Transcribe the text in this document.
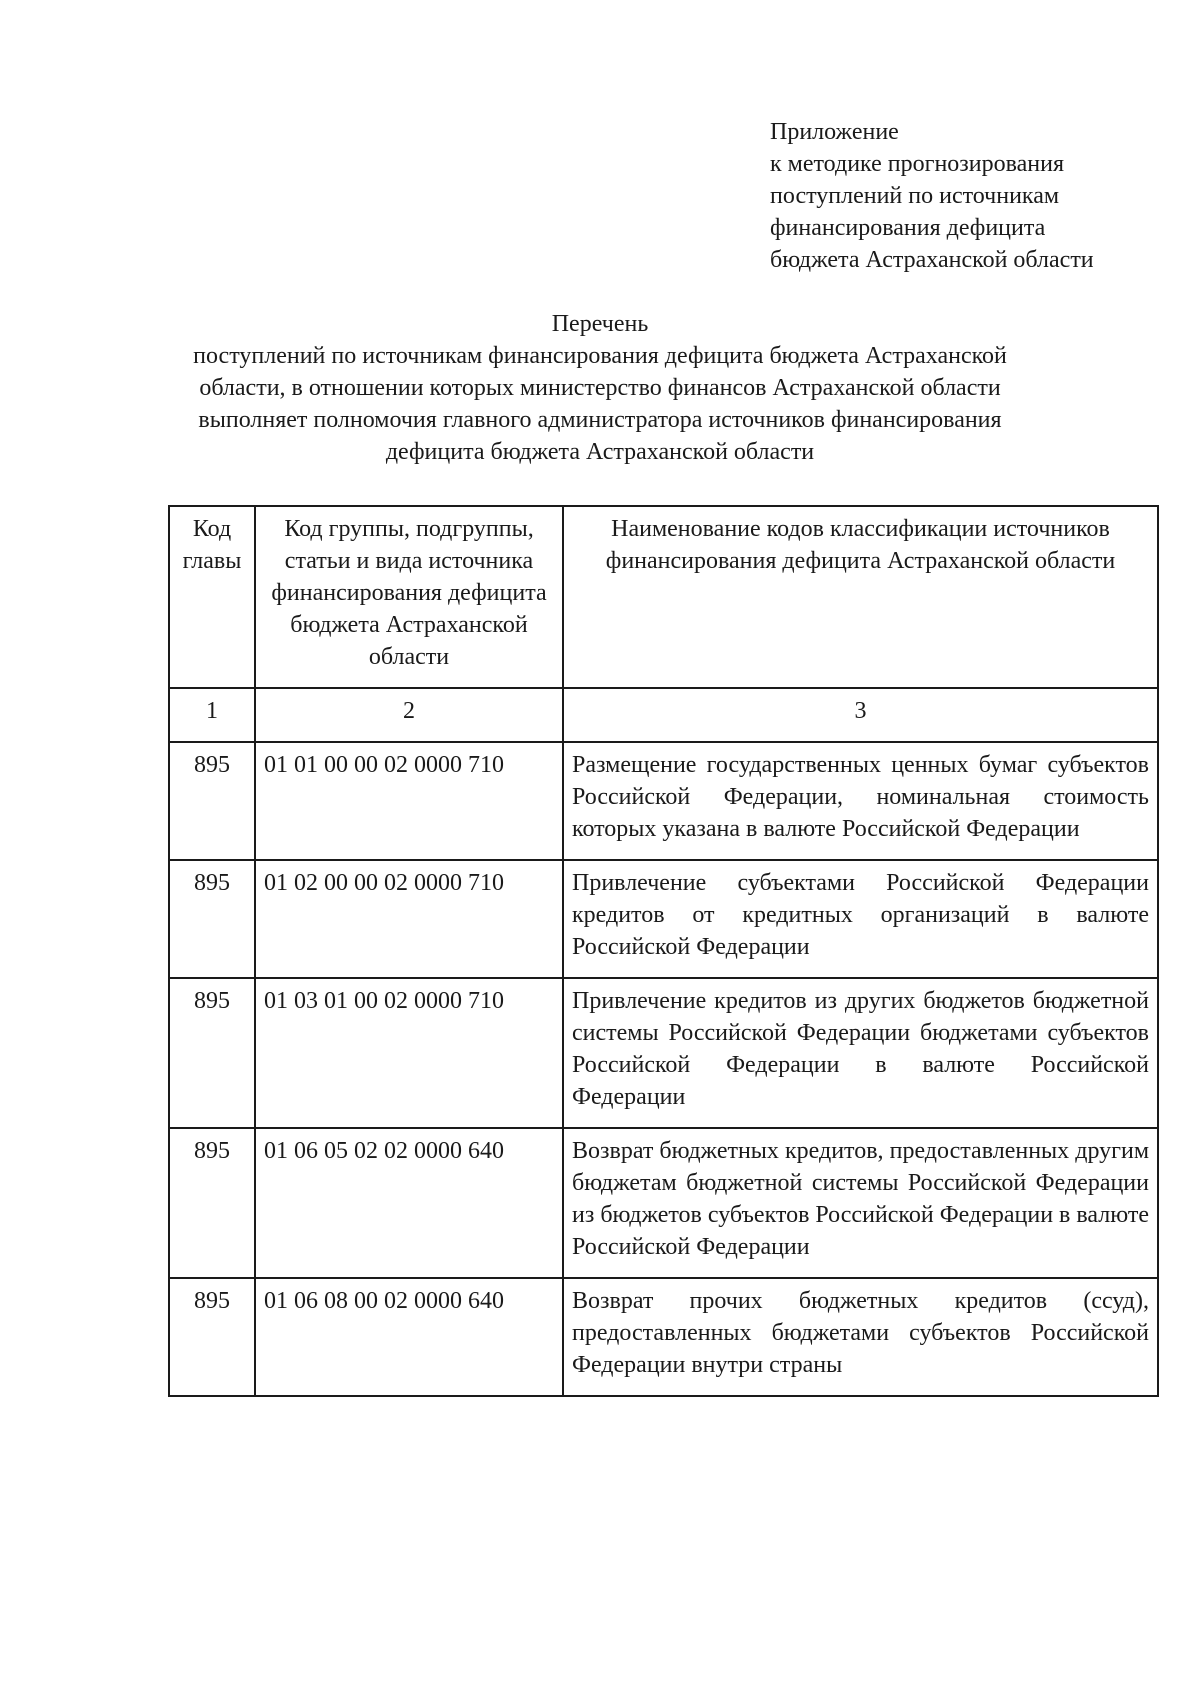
Приложение
к методике прогнозирования
поступлений по источникам
финансирования дефицита
бюджета Астраханской области
Перечень
поступлений по источникам финансирования дефицита бюджета Астраханской
области, в отношении которых министерство финансов Астраханской области
выполняет полномочия главного администратора источников финансирования
дефицита бюджета Астраханской области
Код главы	Код группы, подгруппы, статьи и вида источника финансирования дефицита бюджета Астраханской области	Наименование кодов классификации источников финансирования дефицита Астраханской области
1	2	3
895	01 01 00 00 02 0000 710	Размещение государственных ценных бумаг субъектов Российской Федерации, номинальная стоимость которых указана в валюте Российской Федерации
895	01 02 00 00 02 0000 710	Привлечение субъектами Российской Федерации кредитов от кредитных организаций в валюте Российской Федерации
895	01 03 01 00 02 0000 710	Привлечение кредитов из других бюджетов бюджетной системы Российской Федерации бюджетами субъектов Российской Федерации в валюте Российской Федерации
895	01 06 05 02 02 0000 640	Возврат бюджетных кредитов, предоставленных другим бюджетам бюджетной системы Российской Федерации из бюджетов субъектов Российской Федерации в валюте Российской Федерации
895	01 06 08 00 02 0000 640	Возврат прочих бюджетных кредитов (ссуд), предоставленных бюджетами субъектов Российской Федерации внутри страны
